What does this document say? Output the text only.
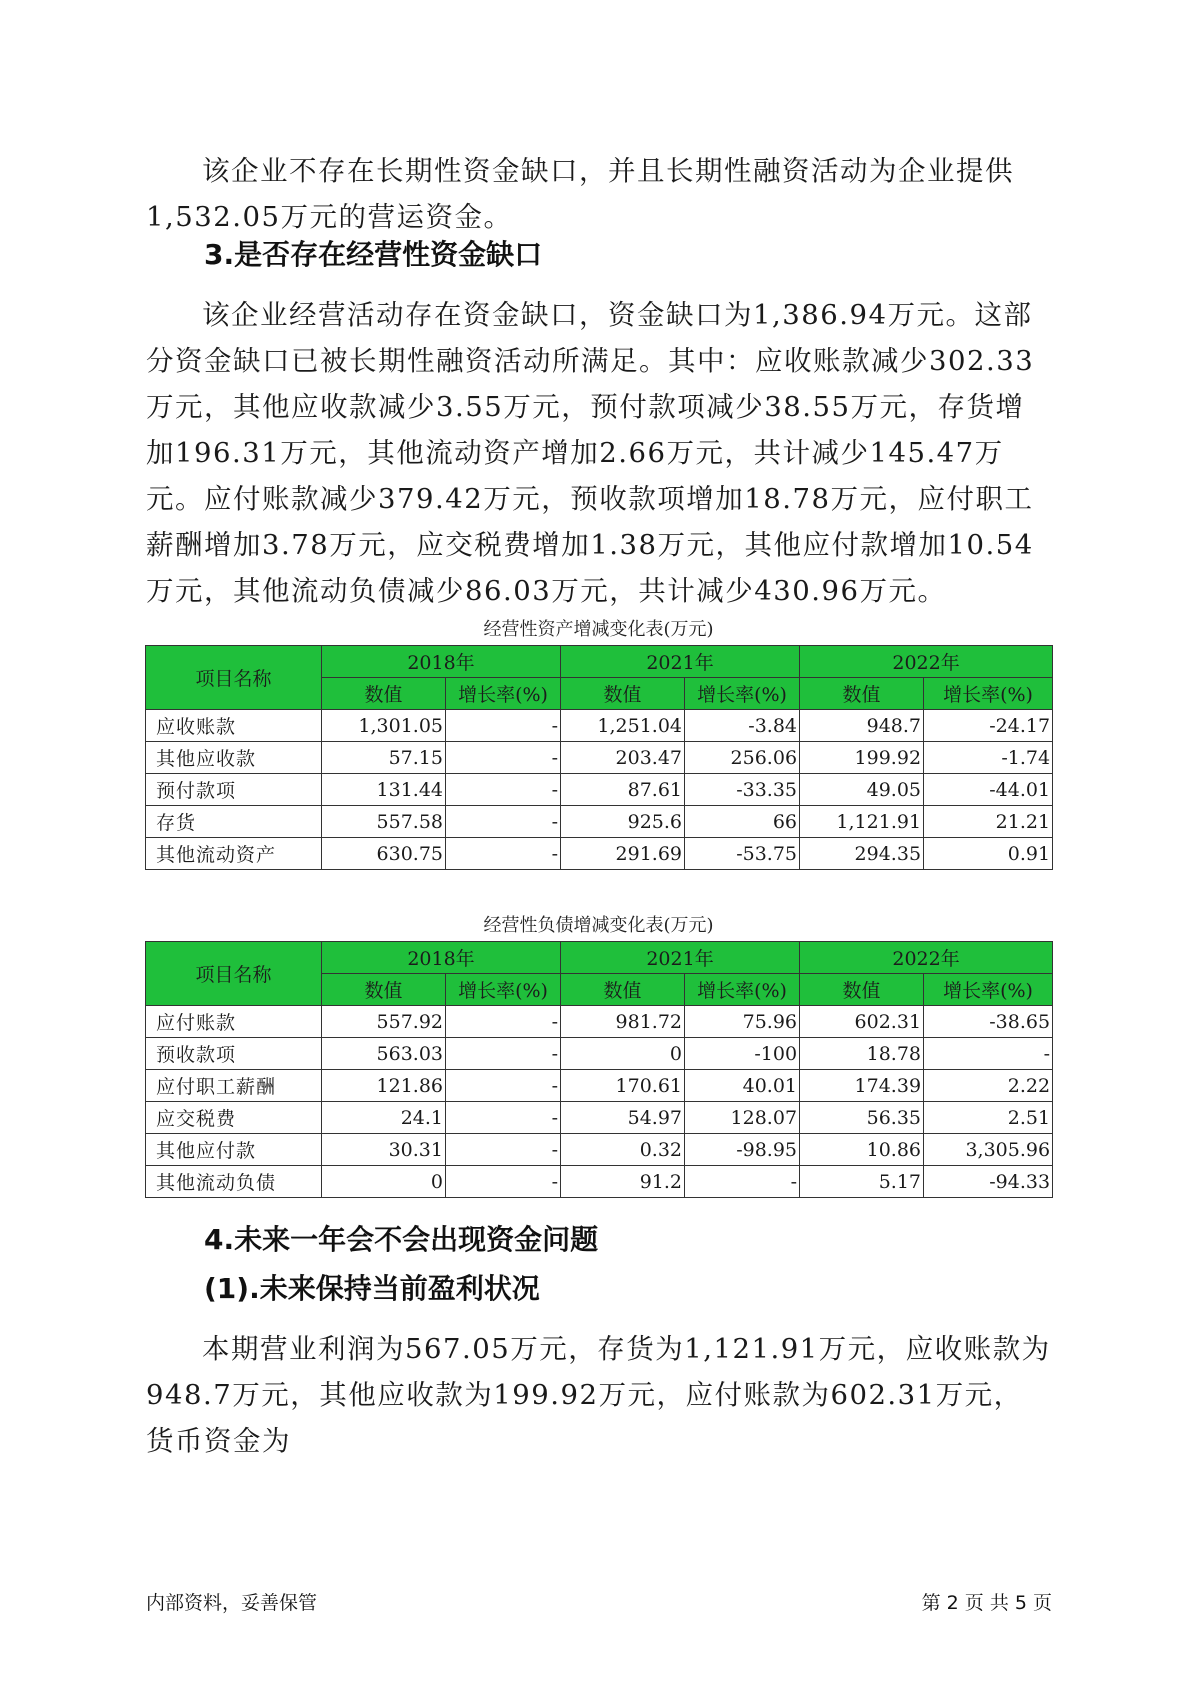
该企业不存在长期性资金缺口，并且长期性融资活动为企业提供1,532.05万元的营运资金。

3.是否存在经营性资金缺口

该企业经营活动存在资金缺口，资金缺口为1,386.94万元。这部分资金缺口已被长期性融资活动所满足。其中：应收账款减少302.33万元，其他应收款减少3.55万元，预付款项减少38.55万元，存货增加196.31万元，其他流动资产增加2.66万元，共计减少145.47万元。应付账款减少379.42万元，预收款项增加18.78万元，应付职工薪酬增加3.78万元，应交税费增加1.38万元，其他应付款增加10.54万元，其他流动负债减少86.03万元，共计减少430.96万元。

经营性资产增减变化表(万元)
项目名称	2018年		2021年		2022年	
	数值	增长率(%)	数值	增长率(%)	数值	增长率(%)
应收账款	1,301.05	-	1,251.04	-3.84	948.7	-24.17
其他应收款	57.15	-	203.47	256.06	199.92	-1.74
预付款项	131.44	-	87.61	-33.35	49.05	-44.01
存货	557.58	-	925.6	66	1,121.91	21.21
其他流动资产	630.75	-	291.69	-53.75	294.35	0.91
经营性负债增减变化表(万元)
项目名称	2018年		2021年		2022年	
	数值	增长率(%)	数值	增长率(%)	数值	增长率(%)
应付账款	557.92	-	981.72	75.96	602.31	-38.65
预收款项	563.03	-	0	-100	18.78	-
应付职工薪酬	121.86	-	170.61	40.01	174.39	2.22
应交税费	24.1	-	54.97	128.07	56.35	2.51
其他应付款	30.31	-	0.32	-98.95	10.86	3,305.96
其他流动负债	0	-	91.2	-	5.17	-94.33
4.未来一年会不会出现资金问题
(1).未来保持当前盈利状况

本期营业利润为567.05万元，存货为1,121.91万元，应收账款为948.7万元，其他应收款为199.92万元，应付账款为602.31万元，货币资金为

内部资料，妥善保管	第 2 页 共 5 页
